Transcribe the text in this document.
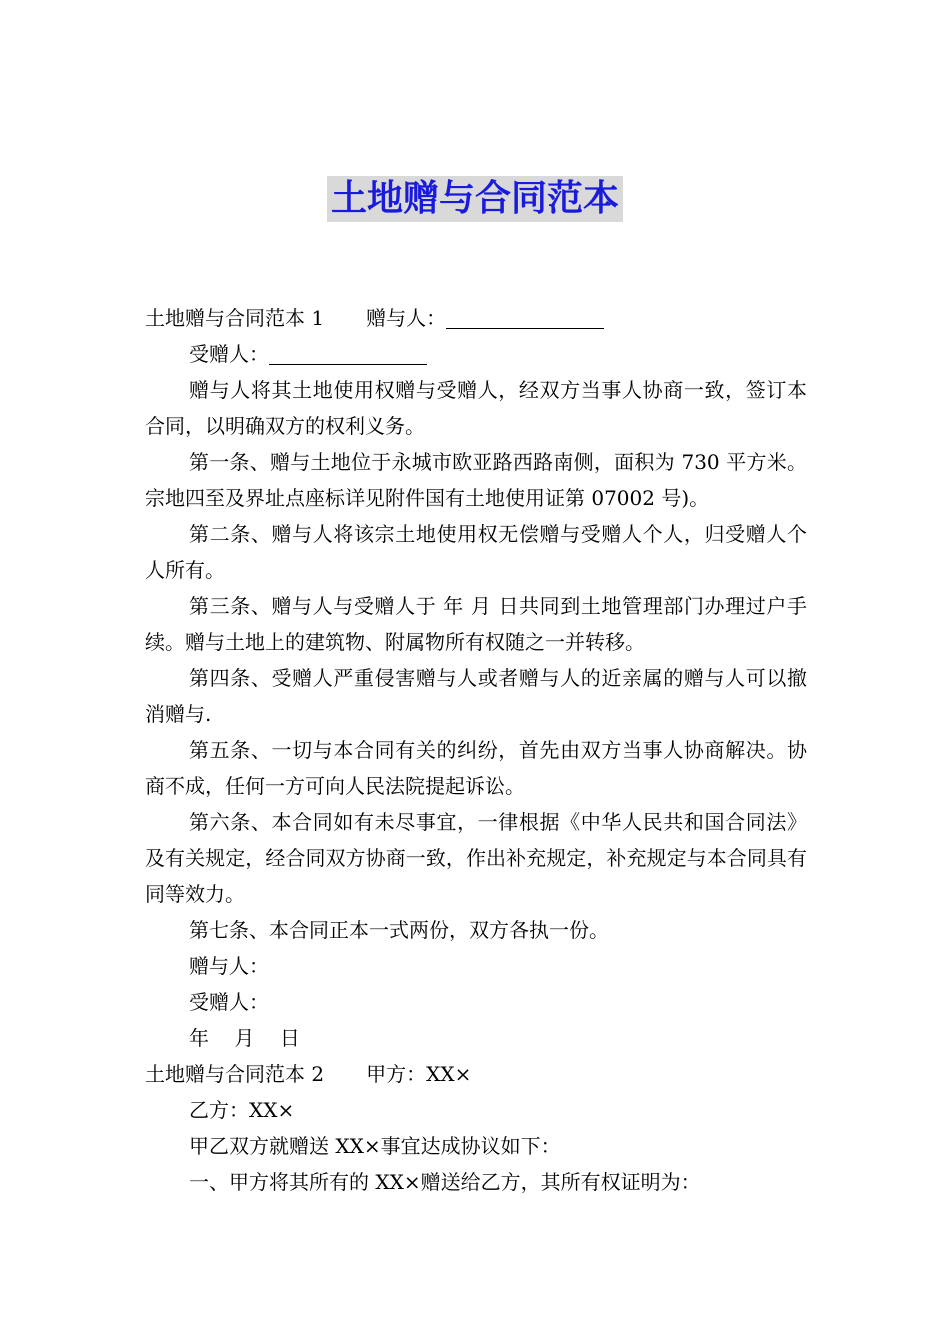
土地赠与合同范本

土地赠与合同范本 1 赠与人：

受赠人：

赠与人将其土地使用权赠与受赠人，经双方当事人协商一致，签订本合同，以明确双方的权利义务。

第一条、赠与土地位于永城市欧亚路西路南侧，面积为 730 平方米。宗地四至及界址点座标详见附件国有土地使用证第 07002 号)。

第二条、赠与人将该宗土地使用权无偿赠与受赠人个人，归受赠人个人所有。

第三条、赠与人与受赠人于 年 月 日共同到土地管理部门办理过户手续。赠与土地上的建筑物、附属物所有权随之一并转移。

第四条、受赠人严重侵害赠与人或者赠与人的近亲属的赠与人可以撤消赠与.

第五条、一切与本合同有关的纠纷，首先由双方当事人协商解决。协商不成，任何一方可向人民法院提起诉讼。

第六条、本合同如有未尽事宜，一律根据《中华人民共和国合同法》及有关规定，经合同双方协商一致，作出补充规定，补充规定与本合同具有同等效力。

第七条、本合同正本一式两份，双方各执一份。

赠与人：

受赠人：

年    月    日

土地赠与合同范本 2 甲方：XX×

乙方：XX×

甲乙双方就赠送 XX×事宜达成协议如下：

一、甲方将其所有的 XX×赠送给乙方，其所有权证明为：
